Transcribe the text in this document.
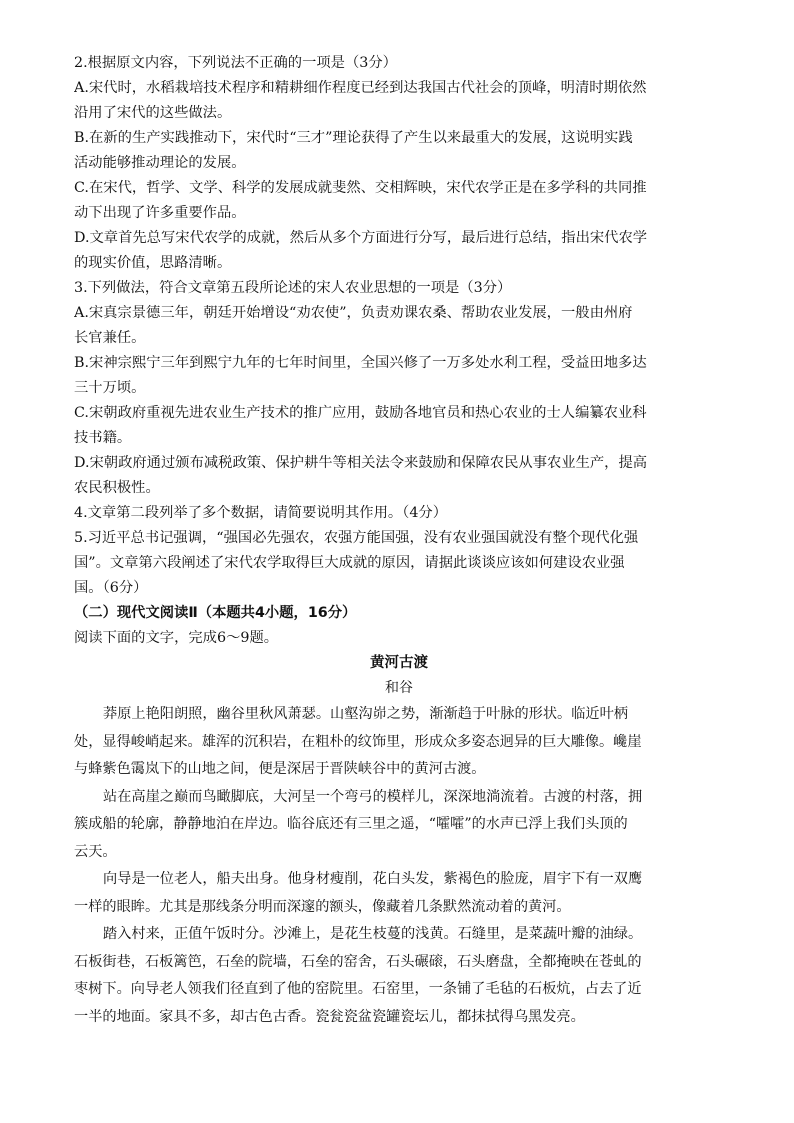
2.根据原文内容，下列说法不正确的一项是（3分）
A.宋代时，水稻栽培技术程序和精耕细作程度已经到达我国古代社会的顶峰，明清时期依然
沿用了宋代的这些做法。
B.在新的生产实践推动下，宋代时“三才”理论获得了产生以来最重大的发展，这说明实践
活动能够推动理论的发展。
C.在宋代，哲学、文学、科学的发展成就斐然、交相辉映，宋代农学正是在多学科的共同推
动下出现了许多重要作品。
D.文章首先总写宋代农学的成就，然后从多个方面进行分写，最后进行总结，指出宋代农学
的现实价值，思路清晰。
3.下列做法，符合文章第五段所论述的宋人农业思想的一项是（3分）
A.宋真宗景德三年，朝廷开始增设“劝农使”，负责劝课农桑、帮助农业发展，一般由州府
长官兼任。
B.宋神宗熙宁三年到熙宁九年的七年时间里，全国兴修了一万多处水利工程，受益田地多达
三十万顷。
C.宋朝政府重视先进农业生产技术的推广应用，鼓励各地官员和热心农业的士人编纂农业科
技书籍。
D.宋朝政府通过颁布减税政策、保护耕牛等相关法令来鼓励和保障农民从事农业生产，提高
农民积极性。
4.文章第二段列举了多个数据，请简要说明其作用。（4分）
5.习近平总书记强调，“强国必先强农，农强方能国强，没有农业强国就没有整个现代化强
国”。文章第六段阐述了宋代农学取得巨大成就的原因，请据此谈谈应该如何建设农业强
国。（6分）
（二）现代文阅读Ⅱ（本题共4小题，16分）
阅读下面的文字，完成6～9题。
黄河古渡
和谷
莽原上艳阳朗照，幽谷里秋风萧瑟。山壑沟峁之势，渐渐趋于叶脉的形状。临近叶柄
处，显得峻峭起来。雄浑的沉积岩，在粗朴的纹饰里，形成众多姿态迥异的巨大雕像。巉崖
与蜂紫色霭岚下的山地之间，便是深居于晋陕峡谷中的黄河古渡。
站在高崖之巅而鸟瞰脚底，大河呈一个弯弓的模样儿，深深地淌流着。古渡的村落，拥
簇成船的轮廓，静静地泊在岸边。临谷底还有三里之遥，“嚯嚯”的水声已浮上我们头顶的
云天。
向导是一位老人，船夫出身。他身材瘦削，花白头发，紫褐色的脸庞，眉宇下有一双鹰
一样的眼眸。尤其是那线条分明而深邃的额头，像藏着几条默然流动着的黄河。
踏入村来，正值午饭时分。沙滩上，是花生枝蔓的浅黄。石缝里，是菜蔬叶瓣的油绿。
石板街巷，石板篱笆，石垒的院墙，石垒的窑舍，石头碾磙，石头磨盘，全都掩映在苍虬的
枣树下。向导老人领我们径直到了他的窑院里。石窑里，一条铺了毛毡的石板炕，占去了近
一半的地面。家具不多，却古色古香。瓷瓮瓷盆瓷罐瓷坛儿，都抹拭得乌黑发亮。
